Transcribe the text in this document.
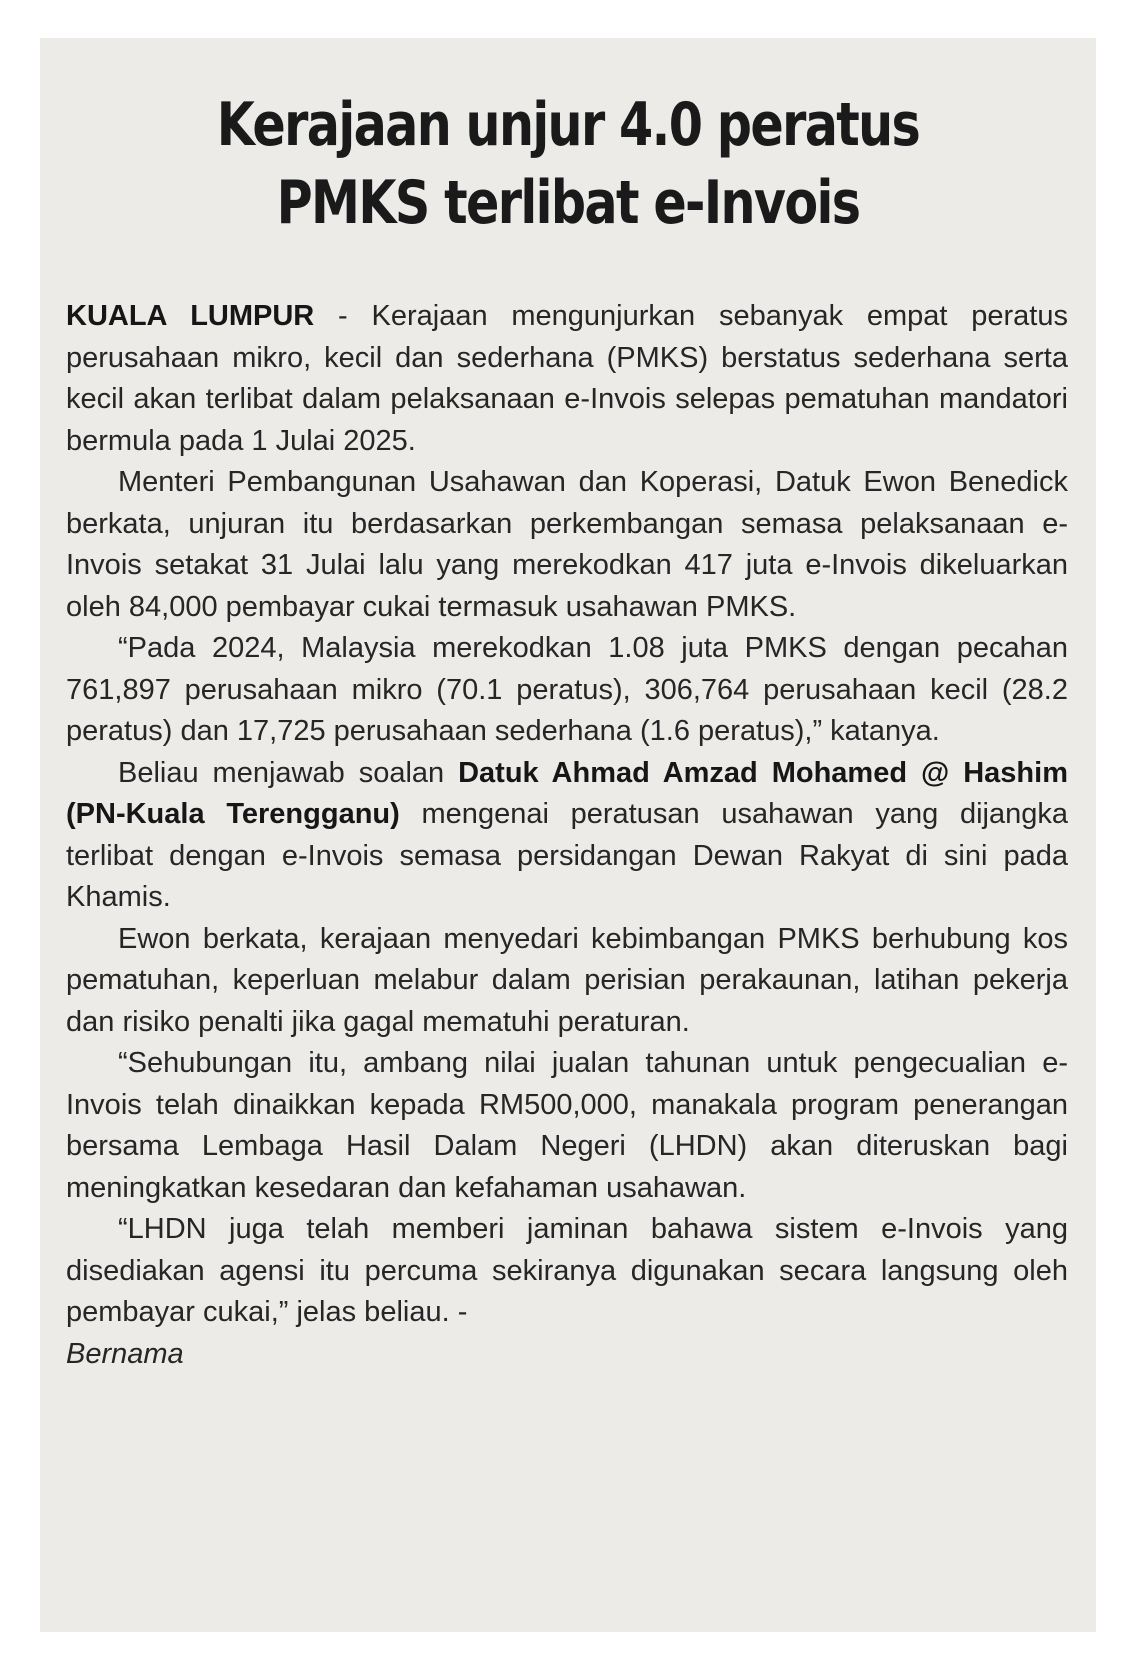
Kerajaan unjur 4.0 peratus
PMKS terlibat e-Invois

KUALA LUMPUR - Kerajaan mengunjurkan sebanyak empat peratus perusahaan mikro, kecil dan sederhana (PMKS) berstatus sederhana serta kecil akan terlibat dalam pelaksanaan e-Invois selepas pematuhan mandatori bermula pada 1 Julai 2025.

Menteri Pembangunan Usahawan dan Koperasi, Datuk Ewon Benedick berkata, unjuran itu berdasarkan perkembangan semasa pelaksanaan e-Invois setakat 31 Julai lalu yang merekodkan 417 juta e-Invois dikeluarkan oleh 84,000 pembayar cukai termasuk usahawan PMKS.

“Pada 2024, Malaysia merekodkan 1.08 juta PMKS dengan pecahan 761,897 perusahaan mikro (70.1 peratus), 306,764 perusahaan kecil (28.2 peratus) dan 17,725 perusahaan sederhana (1.6 peratus),” katanya.

Beliau menjawab soalan Datuk Ahmad Amzad Mohamed @ Hashim (PN-Kuala Terengganu) mengenai peratusan usahawan yang dijangka terlibat dengan e-Invois semasa persidangan Dewan Rakyat di sini pada Khamis.

Ewon berkata, kerajaan menyedari kebimbangan PMKS berhubung kos pematuhan, keperluan melabur dalam perisian perakaunan, latihan pekerja dan risiko penalti jika gagal mematuhi peraturan.

“Sehubungan itu, ambang nilai jualan tahunan untuk pengecualian e-Invois telah dinaikkan kepada RM500,000, manakala program penerangan bersama Lembaga Hasil Dalam Negeri (LHDN) akan diteruskan bagi meningkatkan kesedaran dan kefahaman usahawan.

“LHDN juga telah memberi jaminan bahawa sistem e-Invois yang disediakan agensi itu percuma sekiranya digunakan secara langsung oleh pembayar cukai,” jelas beliau. -

Bernama
